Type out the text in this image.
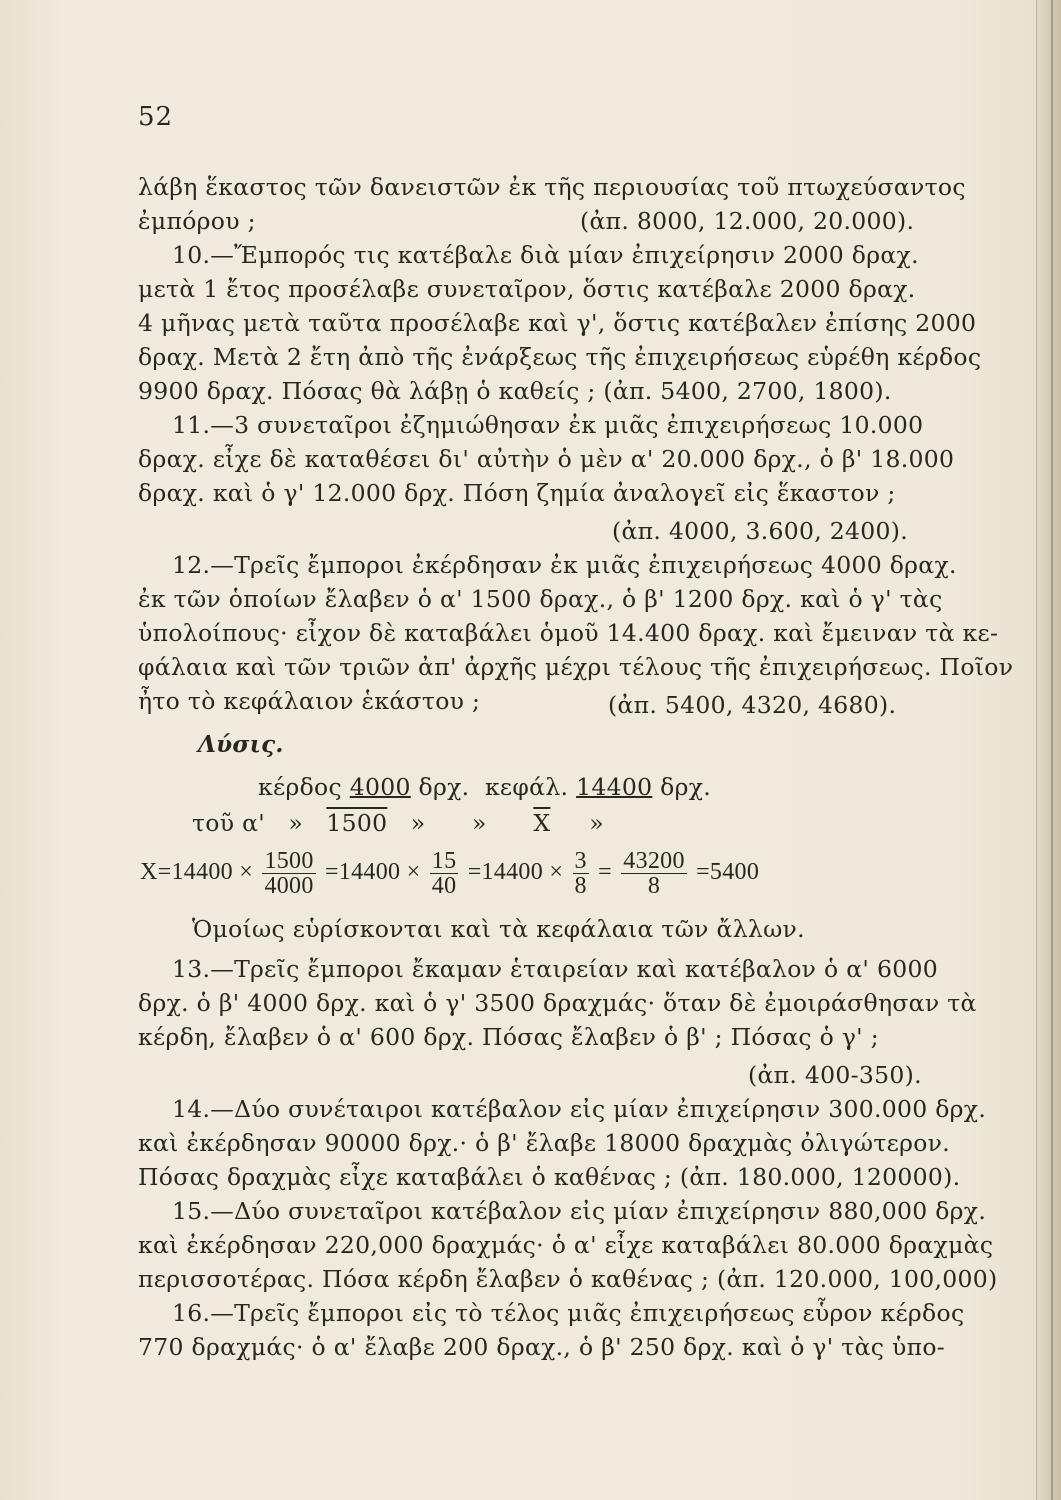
52
λάβη ἕκαστος τῶν δανειστῶν ἐκ τῆς περιουσίας τοῦ πτωχεύσαντος
ἐμπόρου ;	(ἀπ. 8000, 12.000, 20.000).
10.—Ἔμπορός τις κατέβαλε διὰ μίαν ἐπιχείρησιν 2000 δραχ.
μετὰ 1 ἔτος προσέλαβε συνεταῖρον, ὅστις κατέβαλε 2000 δραχ.
4 μῆνας μετὰ ταῦτα προσέλαβε καὶ γ', ὅστις κατέβαλεν ἐπίσης 2000
δραχ. Μετὰ 2 ἔτη ἀπὸ τῆς ἐνάρξεως τῆς ἐπιχειρήσεως εὑρέθη κέρδος
9900 δραχ. Πόσας θὰ λάβῃ ὁ καθείς ; (ἀπ. 5400, 2700, 1800).
11.—3 συνεταῖροι ἐζημιώθησαν ἐκ μιᾶς ἐπιχειρήσεως 10.000
δραχ. εἶχε δὲ καταθέσει δι' αὐτὴν ὁ μὲν α' 20.000 δρχ., ὁ β' 18.000
δραχ. καὶ ὁ γ' 12.000 δρχ. Πόση ζημία ἀναλογεῖ εἰς ἕκαστον ;
(ἀπ. 4000, 3.600, 2400).
12.—Τρεῖς ἔμποροι ἐκέρδησαν ἐκ μιᾶς ἐπιχειρήσεως 4000 δραχ.
ἐκ τῶν ὁποίων ἔλαβεν ὁ α' 1500 δραχ., ὁ β' 1200 δρχ. καὶ ὁ γ' τὰς
ὑπολοίπους· εἶχον δὲ καταβάλει ὁμοῦ 14.400 δραχ. καὶ ἔμειναν τὰ κε-
φάλαια καὶ τῶν τριῶν ἀπ' ἀρχῆς μέχρι τέλους τῆς ἐπιχειρήσεως. Ποῖον
ἦτο τὸ κεφάλαιον ἑκάστου ;	(ἀπ. 5400, 4320, 4680).
Λύσις.
κέρδος 4000 δρχ. κεφάλ. 14400 δρχ.
τοῦ α' » 1500 » » $\overline{X}$ »
$X=14400 \times \frac{1500}{4000} =14400 \times \frac{15}{40} =14400 \times \frac{3}{8} = \frac{43200}{8} =5400$
Ὁμοίως εὑρίσκονται καὶ τὰ κεφάλαια τῶν ἄλλων.
13.—Τρεῖς ἔμποροι ἔκαμαν ἑταιρείαν καὶ κατέβαλον ὁ α' 6000
δρχ. ὁ β' 4000 δρχ. καὶ ὁ γ' 3500 δραχμάς· ὅταν δὲ ἐμοιράσθησαν τὰ
κέρδη, ἔλαβεν ὁ α' 600 δρχ. Πόσας ἔλαβεν ὁ β' ; Πόσας ὁ γ' ;
(ἀπ. 400-350).
14.—Δύο συνέταιροι κατέβαλον εἰς μίαν ἐπιχείρησιν 300.000 δρχ.
καὶ ἐκέρδησαν 90000 δρχ.· ὁ β' ἔλαβε 18000 δραχμὰς ὀλιγώτερον.
Πόσας δραχμὰς εἶχε καταβάλει ὁ καθένας ; (ἀπ. 180.000, 120000).
15.—Δύο συνεταῖροι κατέβαλον εἰς μίαν ἐπιχείρησιν 880,000 δρχ.
καὶ ἐκέρδησαν 220,000 δραχμάς· ὁ α' εἶχε καταβάλει 80.000 δραχμὰς
περισσοτέρας. Πόσα κέρδη ἔλαβεν ὁ καθένας ; (ἀπ. 120.000, 100,000)
16.—Τρεῖς ἔμποροι εἰς τὸ τέλος μιᾶς ἐπιχειρήσεως εὗρον κέρδος
770 δραχμάς· ὁ α' ἔλαβε 200 δραχ., ὁ β' 250 δρχ. καὶ ὁ γ' τὰς ὑπο-
